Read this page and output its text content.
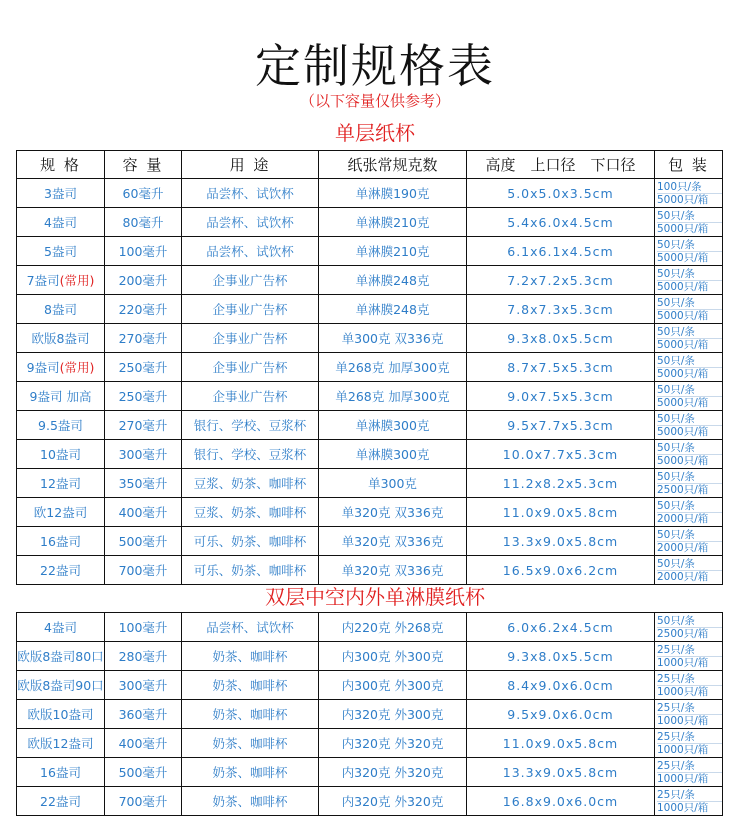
定制规格表
（以下容量仅供参考）
单层纸杯
规 格	容 量	用 途	纸张常规克数	高度　上口径　下口径	包 装
3盎司	60毫升	品尝杯、试饮杯	单淋膜190克	5.0x5.0x3.5cm	100只/条
5000只/箱

4盎司	80毫升	品尝杯、试饮杯	单淋膜210克	5.4x6.0x4.5cm	50只/条
5000只/箱

5盎司	100毫升	品尝杯、试饮杯	单淋膜210克	6.1x6.1x4.5cm	50只/条
5000只/箱

7盎司(常用)	200毫升	企事业广告杯	单淋膜248克	7.2x7.2x5.3cm	50只/条
5000只/箱

8盎司	220毫升	企事业广告杯	单淋膜248克	7.8x7.3x5.3cm	50只/条
5000只/箱

欧版8盎司	270毫升	企事业广告杯	单300克 双336克	9.3x8.0x5.5cm	50只/条
5000只/箱

9盎司(常用)	250毫升	企事业广告杯	单268克 加厚300克	8.7x7.5x5.3cm	50只/条
5000只/箱

9盎司 加高	250毫升	企事业广告杯	单268克 加厚300克	9.0x7.5x5.3cm	50只/条
5000只/箱

9.5盎司	270毫升	银行、学校、豆浆杯	单淋膜300克	9.5x7.7x5.3cm	50只/条
5000只/箱

10盎司	300毫升	银行、学校、豆浆杯	单淋膜300克	10.0x7.7x5.3cm	50只/条
5000只/箱

12盎司	350毫升	豆浆、奶茶、咖啡杯	单300克	11.2x8.2x5.3cm	50只/条
2500只/箱

欧12盎司	400毫升	豆浆、奶茶、咖啡杯	单320克 双336克	11.0x9.0x5.8cm	50只/条
2000只/箱

16盎司	500毫升	可乐、奶茶、咖啡杯	单320克 双336克	13.3x9.0x5.8cm	50只/条
2000只/箱

22盎司	700毫升	可乐、奶茶、咖啡杯	单320克 双336克	16.5x9.0x6.2cm	50只/条
2000只/箱
双层中空内外单淋膜纸杯
4盎司	100毫升	品尝杯、试饮杯	内220克 外268克	6.0x6.2x4.5cm	50只/条
2500只/箱

欧版8盎司80口	280毫升	奶茶、咖啡杯	内300克 外300克	9.3x8.0x5.5cm	25只/条
1000只/箱

欧版8盎司90口	300毫升	奶茶、咖啡杯	内300克 外300克	8.4x9.0x6.0cm	25只/条
1000只/箱

欧版10盎司	360毫升	奶茶、咖啡杯	内320克 外300克	9.5x9.0x6.0cm	25只/条
1000只/箱

欧版12盎司	400毫升	奶茶、咖啡杯	内320克 外320克	11.0x9.0x5.8cm	25只/条
1000只/箱

16盎司	500毫升	奶茶、咖啡杯	内320克 外320克	13.3x9.0x5.8cm	25只/条
1000只/箱

22盎司	700毫升	奶茶、咖啡杯	内320克 外320克	16.8x9.0x6.0cm	25只/条
1000只/箱
